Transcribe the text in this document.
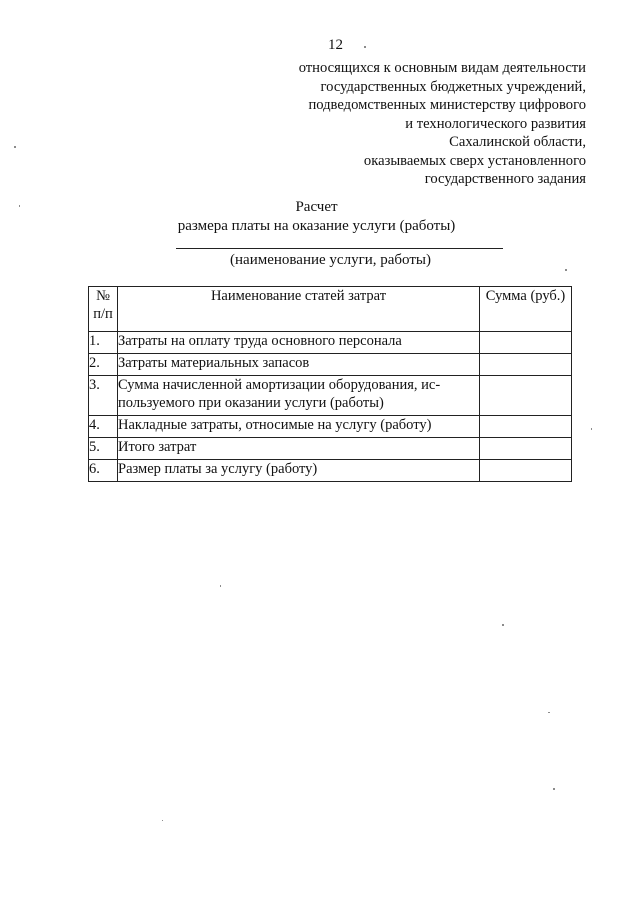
12
относящихся к основным видам деятельности
государственных бюджетных учреждений,
подведомственных министерству цифрового
и технологического развития
Сахалинской области,
оказываемых сверх установленного
государственного задания
Расчет
размера платы на оказание услуги (работы)
(наименование услуги, работы)
№
п/п	Наименование статей затрат	Сумма (руб.)
1.	Затраты на оплату труда основного персонала	
2.	Затраты материальных запасов	
3.	Сумма начисленной амортизации оборудования, ис-
пользуемого при оказании услуги (работы)	
4.	Накладные затраты, относимые на услугу (работу)	
5.	Итого затрат	
6.	Размер платы за услугу (работу)	
